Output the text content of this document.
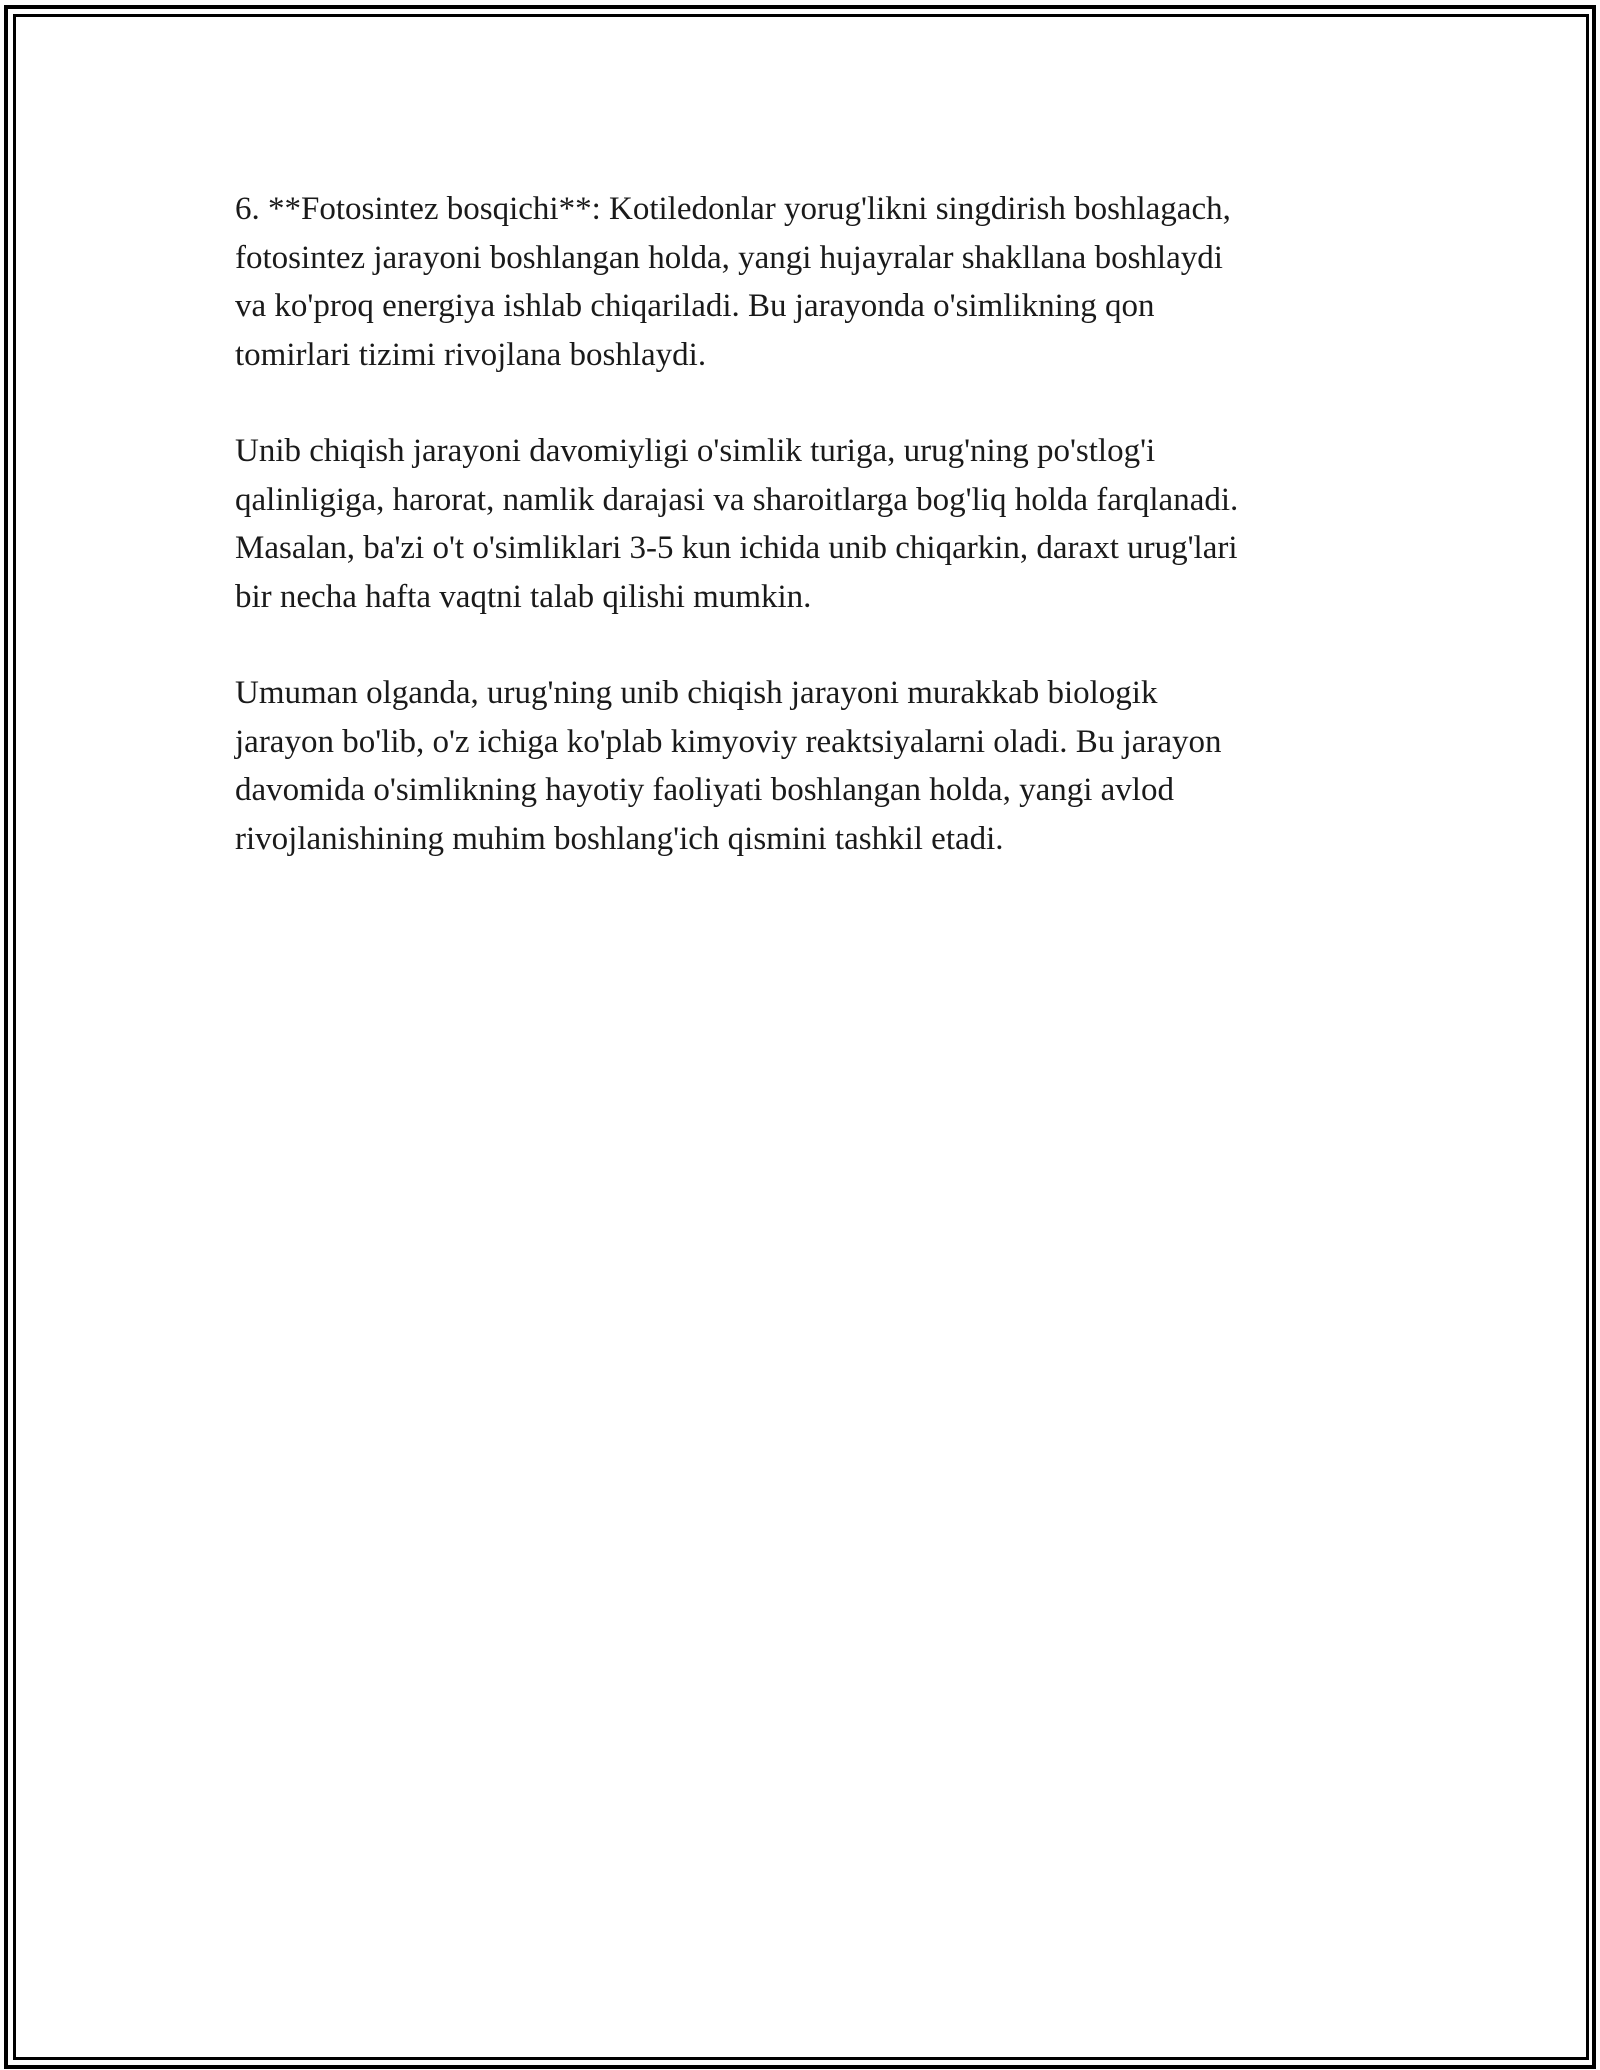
6. **Fotosintez bosqichi**: Kotiledonlar yorug'likni singdirish boshlagach,
fotosintez jarayoni boshlangan holda, yangi hujayralar shakllana boshlaydi
va ko'proq energiya ishlab chiqariladi. Bu jarayonda o'simlikning qon
tomirlari tizimi rivojlana boshlaydi.

Unib chiqish jarayoni davomiyligi o'simlik turiga, urug'ning po'stlog'i
qalinligiga, harorat, namlik darajasi va sharoitlarga bog'liq holda farqlanadi.
Masalan, ba'zi o't o'simliklari 3-5 kun ichida unib chiqarkin, daraxt urug'lari
bir necha hafta vaqtni talab qilishi mumkin.

Umuman olganda, urug'ning unib chiqish jarayoni murakkab biologik
jarayon bo'lib, o'z ichiga ko'plab kimyoviy reaktsiyalarni oladi. Bu jarayon
davomida o'simlikning hayotiy faoliyati boshlangan holda, yangi avlod
rivojlanishining muhim boshlang'ich qismini tashkil etadi.
